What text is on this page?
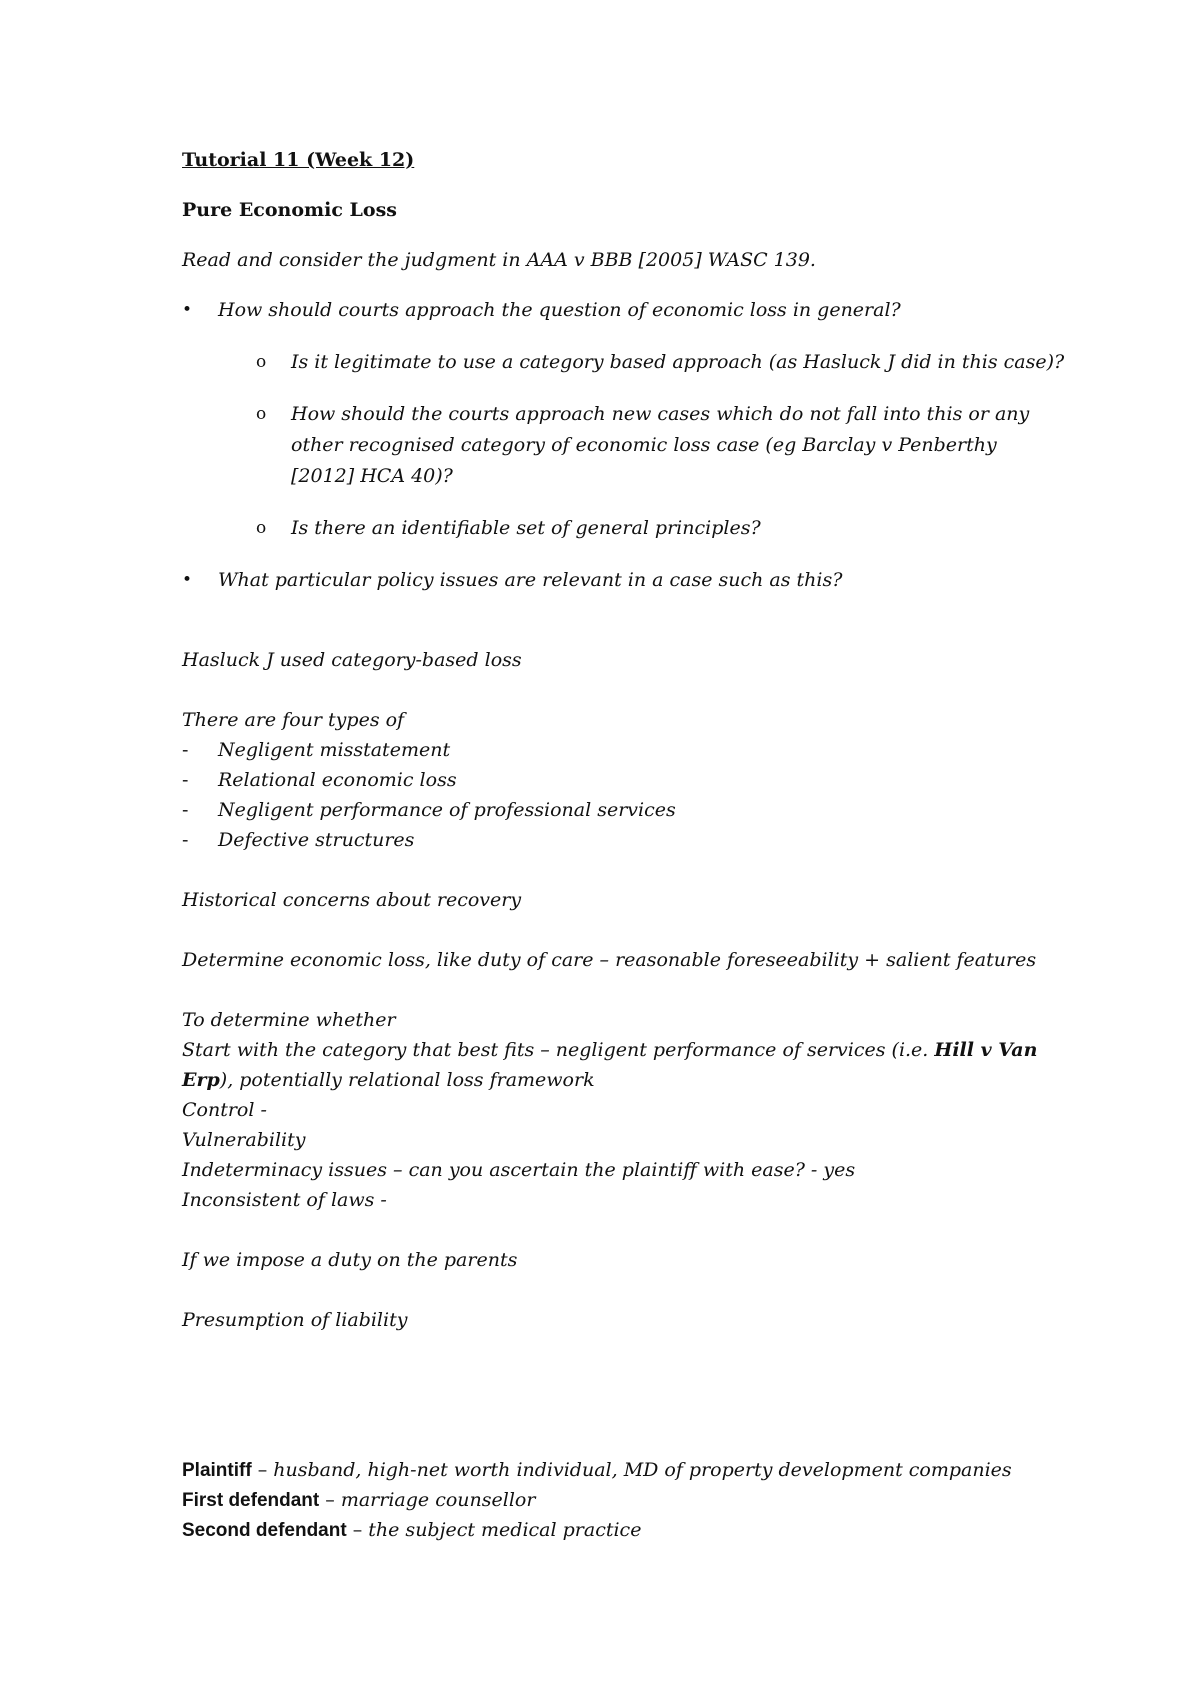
Tutorial 11 (Week 12)
Pure Economic Loss
Read and consider the judgment in AAA v BBB [2005] WASC 139.
• How should courts approach the question of economic loss in general?
o Is it legitimate to use a category based approach (as Hasluck J did in this case)?
o How should the courts approach new cases which do not fall into this or any
other recognised category of economic loss case (eg Barclay v Penberthy
[2012] HCA 40)?
o Is there an identifiable set of general principles?
• What particular policy issues are relevant in a case such as this?
Hasluck J used category-based loss
There are four types of
- Negligent misstatement
- Relational economic loss
- Negligent performance of professional services
- Defective structures
Historical concerns about recovery
Determine economic loss, like duty of care – reasonable foreseeability + salient features
To determine whether
Start with the category that best fits – negligent performance of services (i.e. Hill v Van
Erp), potentially relational loss framework
Control -
Vulnerability
Indeterminacy issues – can you ascertain the plaintiff with ease? - yes
Inconsistent of laws -
If we impose a duty on the parents
Presumption of liability
Plaintiff – husband, high-net worth individual, MD of property development companies
First defendant – marriage counsellor
Second defendant – the subject medical practice
